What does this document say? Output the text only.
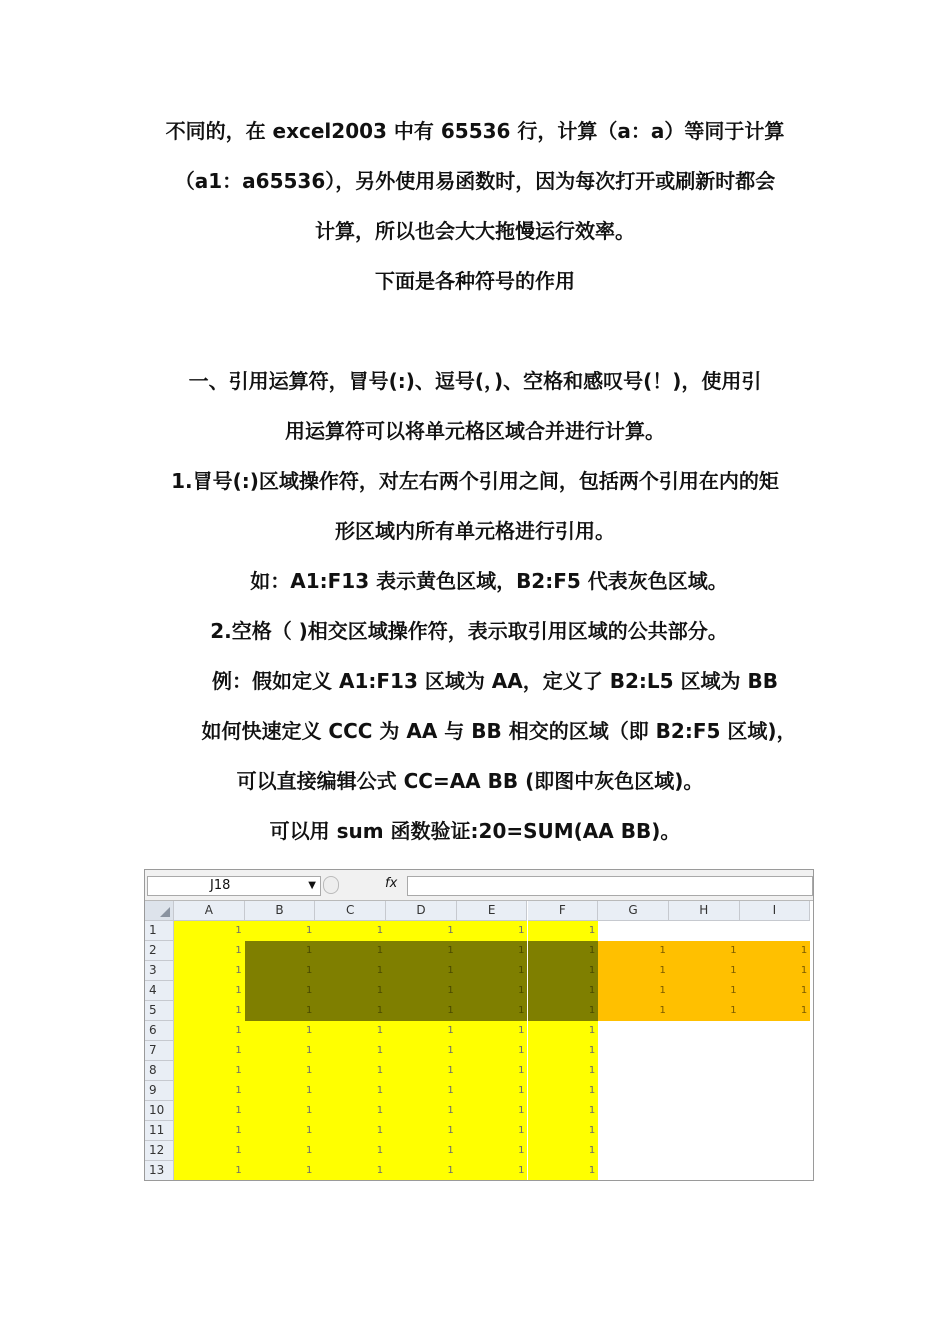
不同的，在 excel2003 中有 65536 行，计算（a：a）等同于计算
（a1：a65536），另外使用易函数时，因为每次打开或刷新时都会
计算，所以也会大大拖慢运行效率。
下面是各种符号的作用
一、引用运算符，冒号(:)、逗号(，)、空格和感叹号(！)，使用引
用运算符可以将单元格区域合并进行计算。
1.冒号(:)区域操作符，对左右两个引用之间，包括两个引用在内的矩
形区域内所有单元格进行引用。
如：A1:F13 表示黄色区域，B2:F5 代表灰色区域。
2.空格（ )相交区域操作符，表示取引用区域的公共部分。
例：假如定义 A1:F13 区域为 AA，定义了 B2:L5 区域为 BB
如何快速定义 CCC 为 AA 与 BB 相交的区域（即 B2:F5 区域)，
可以直接编辑公式 CC=AA BB (即图中灰色区域)。
可以用 sum 函数验证:20=SUM(AA BB)。
J18	▼	fx
A	B	C	D	E	F	G	H	I
1	1	1	1	1	1	1
2	1	1	1	1	1	1	1	1	1
3	1	1	1	1	1	1	1	1	1
4	1	1	1	1	1	1	1	1	1
5	1	1	1	1	1	1	1	1	1
6	1	1	1	1	1	1
7	1	1	1	1	1	1
8	1	1	1	1	1	1
9	1	1	1	1	1	1
10	1	1	1	1	1	1
11	1	1	1	1	1	1
12	1	1	1	1	1	1
13	1	1	1	1	1	1
